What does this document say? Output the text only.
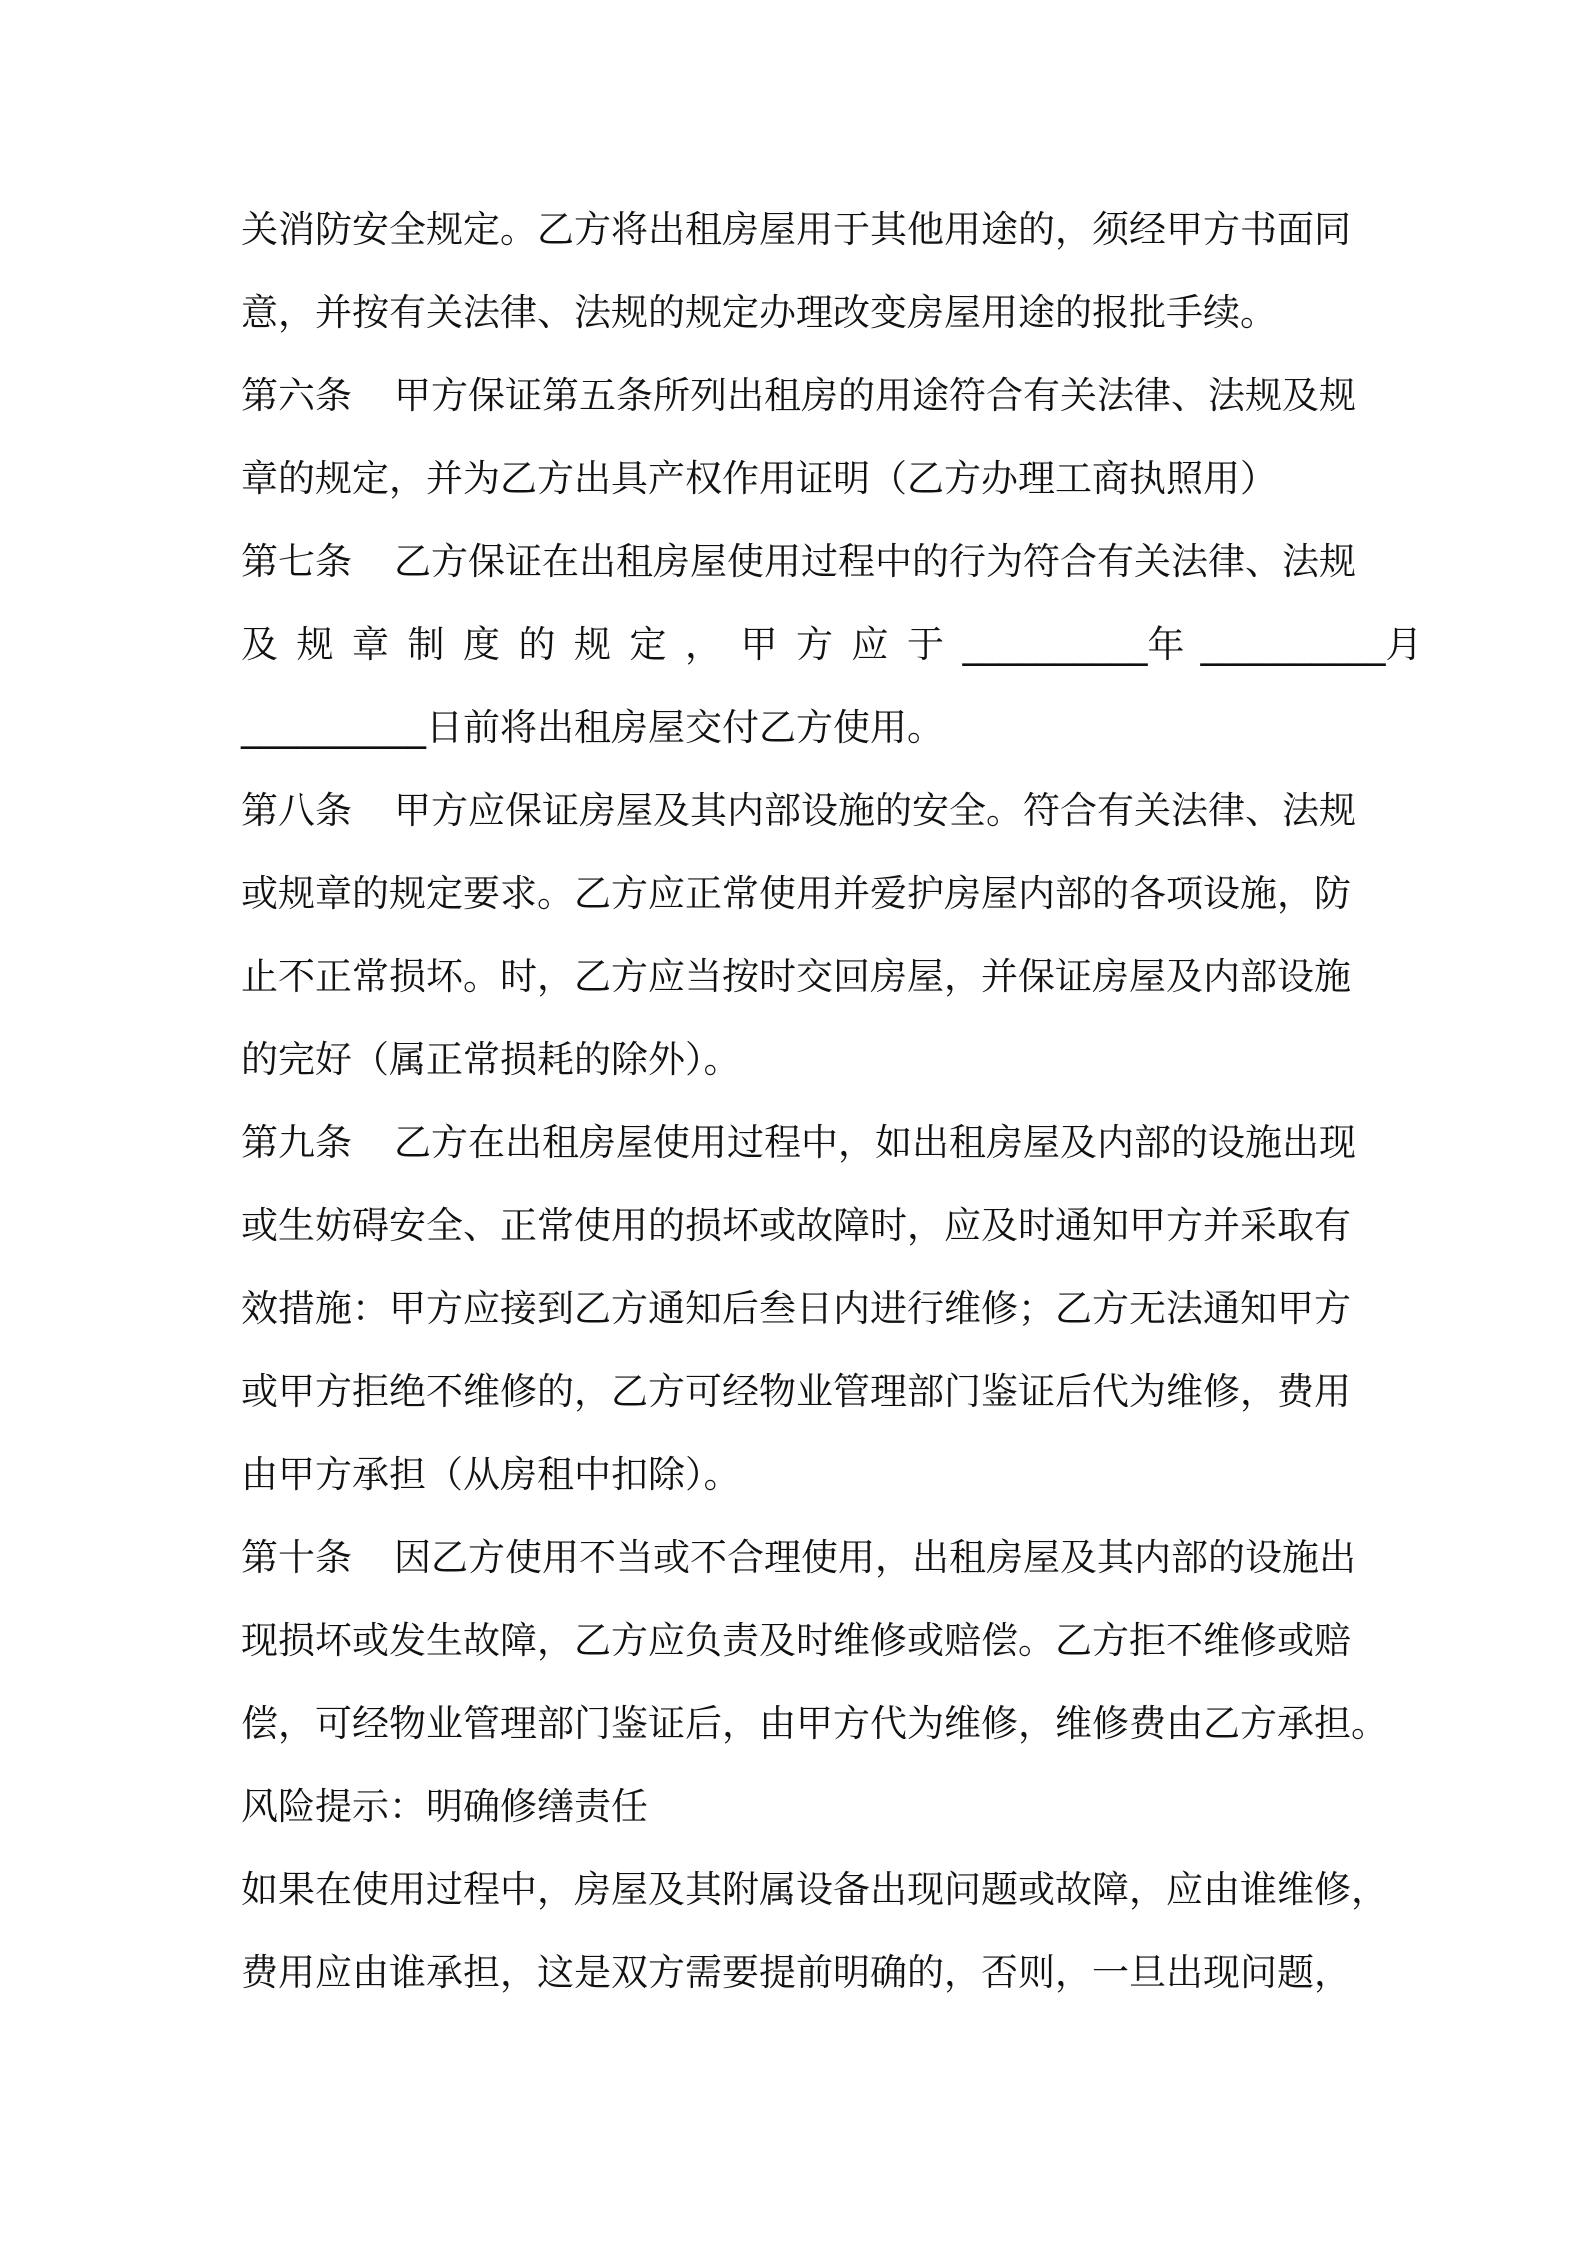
关消防安全规定。乙方将出租房屋用于其他用途的，须经甲方书面同
意，并按有关法律、法规的规定办理改变房屋用途的报批手续。
第六条 甲方保证第五条所列出租房的用途符合有关法律、法规及规
章的规定，并为乙方出具产权作用证明（乙方办理工商执照用）
第七条 乙方保证在出租房屋使用过程中的行为符合有关法律、法规
及规章制度的规定，甲方应于__________年 __________月
__________日前将出租房屋交付乙方使用。
第八条 甲方应保证房屋及其内部设施的安全。符合有关法律、法规
或规章的规定要求。乙方应正常使用并爱护房屋内部的各项设施，防
止不正常损坏。时，乙方应当按时交回房屋，并保证房屋及内部设施
的完好（属正常损耗的除外）。
第九条 乙方在出租房屋使用过程中，如出租房屋及内部的设施出现
或生妨碍安全、正常使用的损坏或故障时，应及时通知甲方并采取有
效措施：甲方应接到乙方通知后叁日内进行维修；乙方无法通知甲方
或甲方拒绝不维修的，乙方可经物业管理部门鉴证后代为维修，费用
由甲方承担（从房租中扣除）。
第十条 因乙方使用不当或不合理使用，出租房屋及其内部的设施出
现损坏或发生故障，乙方应负责及时维修或赔偿。乙方拒不维修或赔
偿，可经物业管理部门鉴证后，由甲方代为维修，维修费由乙方承担。
风险提示：明确修缮责任
如果在使用过程中，房屋及其附属设备出现问题或故障，应由谁维修，
费用应由谁承担，这是双方需要提前明确的，否则，一旦出现问题，
